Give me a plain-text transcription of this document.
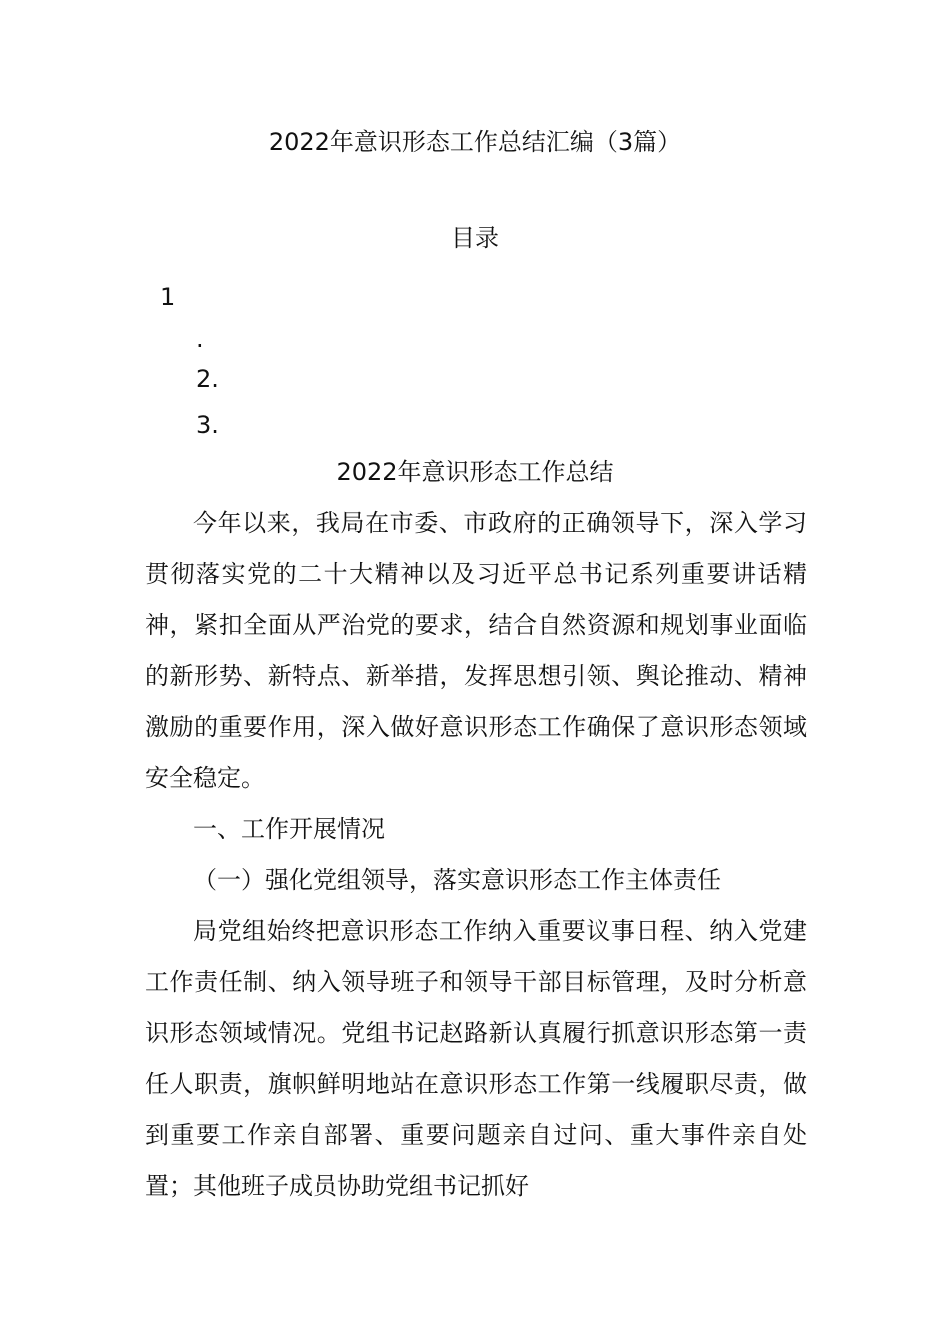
2022年意识形态工作总结汇编（3篇）
目录
1
.
2.
3.
2022年意识形态工作总结

今年以来，我局在市委、市政府的正确领导下，深入学习贯彻落实党的二十大精神以及习近平总书记系列重要讲话精神，紧扣全面从严治党的要求，结合自然资源和规划事业面临的新形势、新特点、新举措，发挥思想引领、舆论推动、精神激励的重要作用，深入做好意识形态工作确保了意识形态领域安全稳定。

一、工作开展情况

（一）强化党组领导，落实意识形态工作主体责任

局党组始终把意识形态工作纳入重要议事日程、纳入党建工作责任制、纳入领导班子和领导干部目标管理，及时分析意识形态领域情况。党组书记赵路新认真履行抓意识形态第一责任人职责，旗帜鲜明地站在意识形态工作第一线履职尽责，做到重要工作亲自部署、重要问题亲自过问、重大事件亲自处置；其他班子成员协助党组书记抓好
